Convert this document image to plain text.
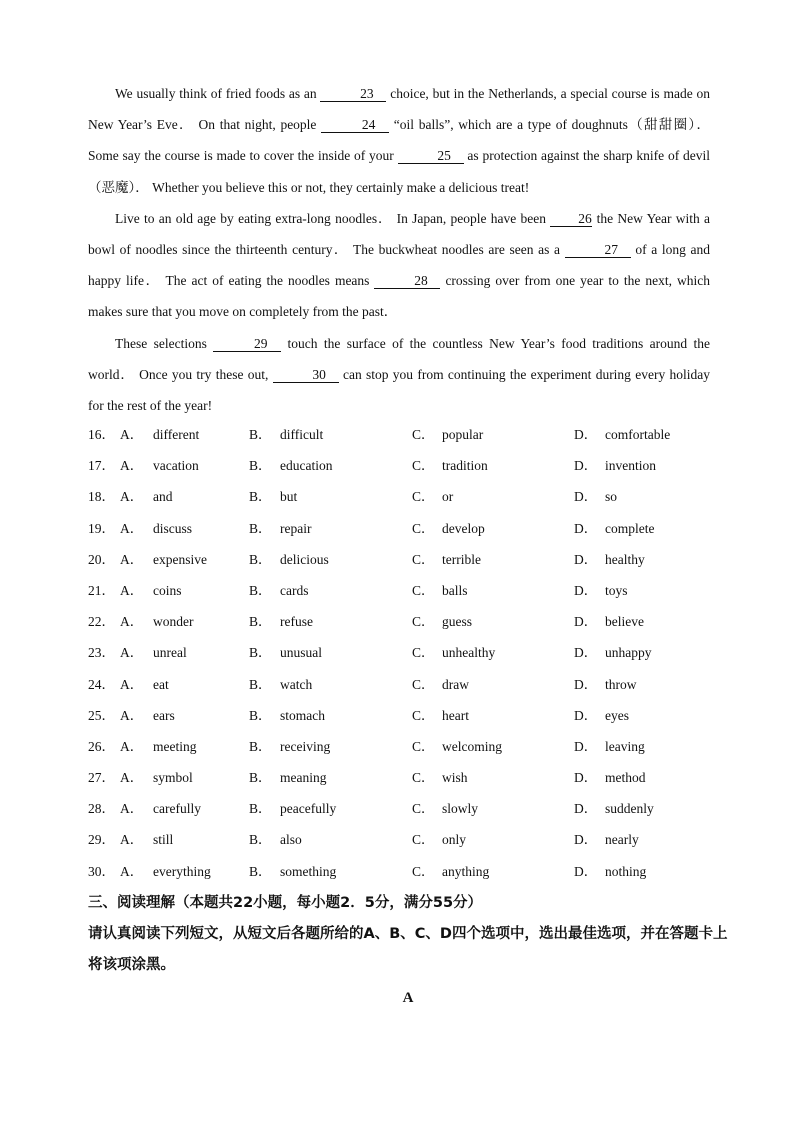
We usually think of fried foods as an	23 choice, but in the Netherlands, a special course is made on New Year’s Eve． On that night, people	24 “oil balls”, which are a type of doughnuts（甜甜圈）． Some say the course is made to cover the inside of your	25 as protection against the sharp knife of devil（恶魔）． Whether you believe this or not, they certainly make a delicious treat!

Live to an old age by eating extra-long noodles． In Japan, people have been 26 the New Year with a bowl of noodles since the thirteenth century． The buckwheat noodles are seen as a	27 of a long and happy life． The act of eating the noodles means	28 crossing over from one year to the next, which makes sure that you move on completely from the past．

These selections	29 touch the surface of the countless New Year’s food traditions around the world． Once you try these out,	30 can stop you from continuing the experiment during every holiday for the rest of the year!

16． A． different	B． difficult	C． popular	D． comfortable
17． A． vacation	B． education	C． tradition	D． invention
18． A． and	B． but	C． or	D． so
19． A． discuss	B． repair	C． develop	D． complete
20． A． expensive	B． delicious	C． terrible	D． healthy
21． A． coins	B． cards	C． balls	D． toys
22． A． wonder	B． refuse	C． guess	D． believe
23． A． unreal	B． unusual	C． unhealthy	D． unhappy
24． A． eat	B． watch	C． draw	D． throw
25． A． ears	B． stomach	C． heart	D． eyes
26． A． meeting	B． receiving	C． welcoming	D． leaving
27． A． symbol	B． meaning	C． wish	D． method
28． A． carefully	B． peacefully	C． slowly	D． suddenly
29． A． still	B． also	C． only	D． nearly
30． A． everything	B． something	C． anything	D． nothing

三、阅读理解（本题共22小题，每小题2．5分，满分55分）

请认真阅读下列短文，从短文后各题所给的A、B、C、D四个选项中，选出最佳选项，并在答题卡上将该项涂黑。

A
